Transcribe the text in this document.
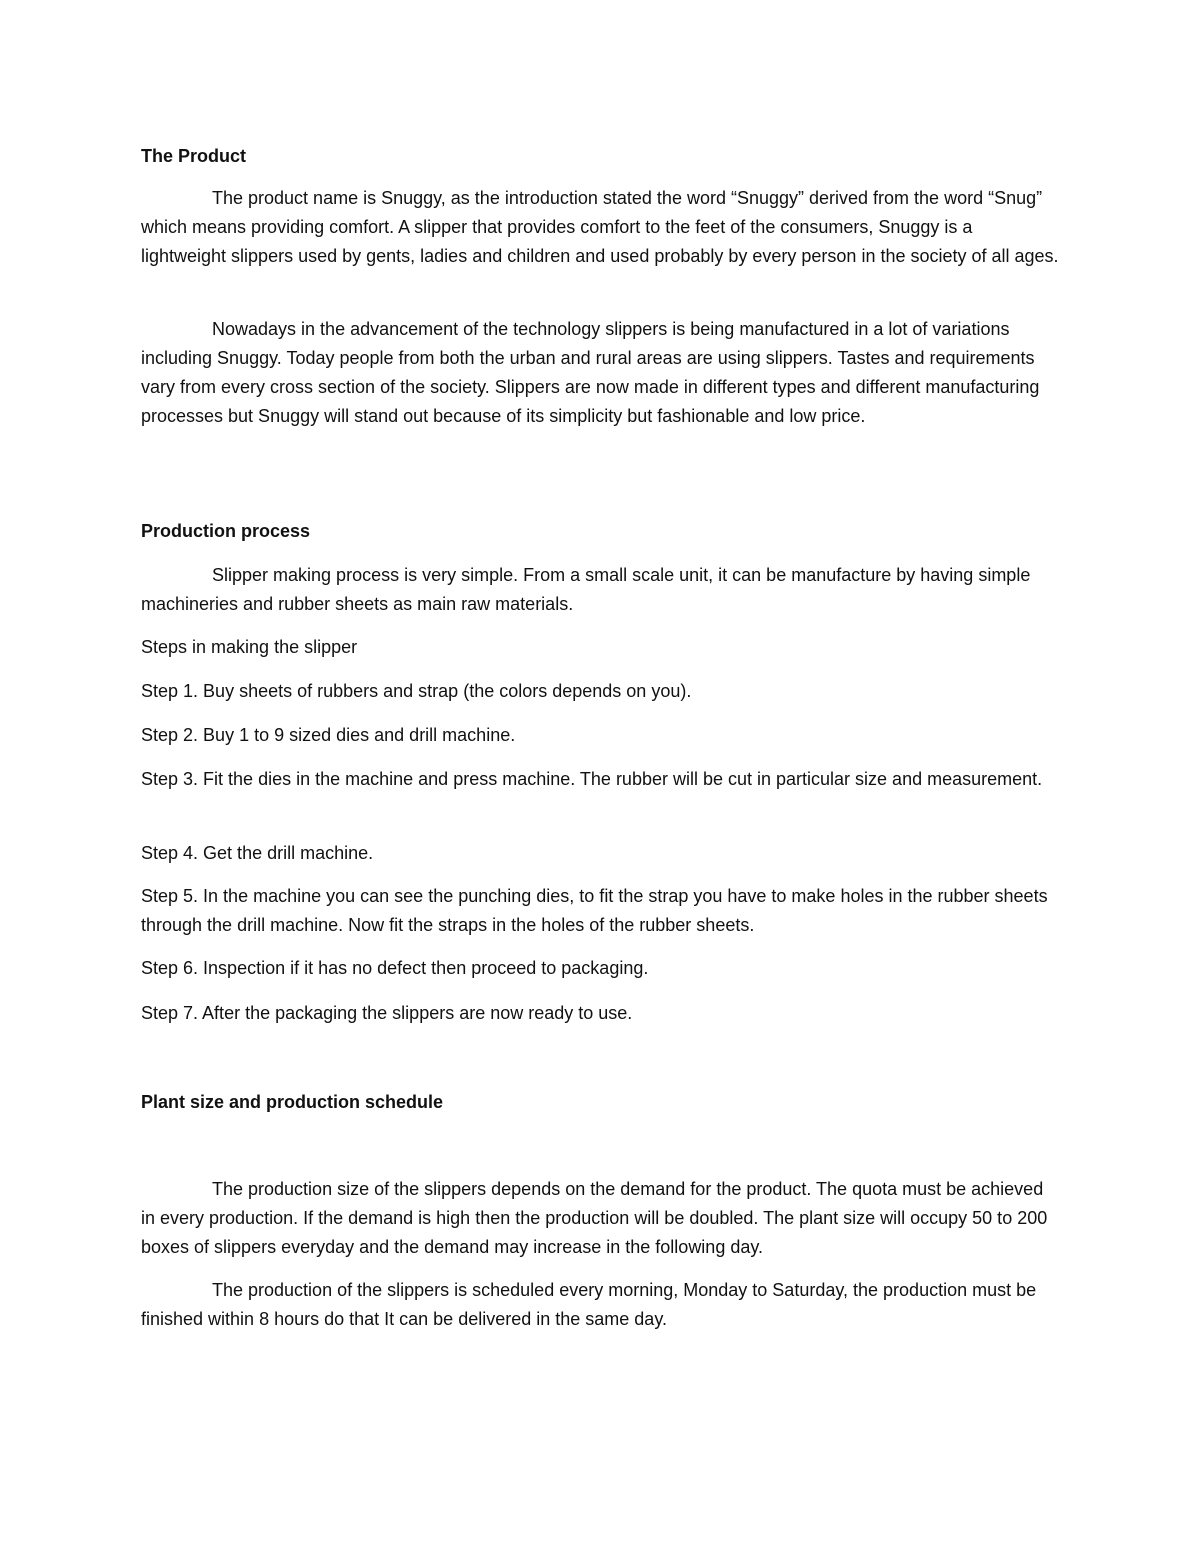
The Product

The product name is Snuggy, as the introduction stated the word “Snuggy” derived from the word “Snug” which means providing comfort. A slipper that provides comfort to the feet of the consumers, Snuggy is a lightweight slippers used by gents, ladies and children and used probably by every person in the society of all ages.

Nowadays in the advancement of the technology slippers is being manufactured in a lot of variations including Snuggy. Today people from both the urban and rural areas are using slippers. Tastes and requirements vary from every cross section of the society. Slippers are now made in different types and different manufacturing processes but Snuggy will stand out because of its simplicity but fashionable and low price.

Production process

Slipper making process is very simple. From a small scale unit, it can be manufacture by having simple machineries and rubber sheets as main raw materials.

Steps in making the slipper

Step 1. Buy sheets of rubbers and strap (the colors depends on you).

Step 2. Buy 1 to 9 sized dies and drill machine.

Step 3. Fit the dies in the machine and press machine. The rubber will be cut in particular size and measurement.

Step 4. Get the drill machine.

Step 5. In the machine you can see the punching dies, to fit the strap you have to make holes in the rubber sheets through the drill machine. Now fit the straps in the holes of the rubber sheets.

Step 6. Inspection if it has no defect then proceed to packaging.

Step 7. After the packaging the slippers are now ready to use.

Plant size and production schedule

The production size of the slippers depends on the demand for the product. The quota must be achieved in every production. If the demand is high then the production will be doubled. The plant size will occupy 50 to 200 boxes of slippers everyday and the demand may increase in the following day.

The production of the slippers is scheduled every morning, Monday to Saturday, the production must be finished within 8 hours do that It can be delivered in the same day.
